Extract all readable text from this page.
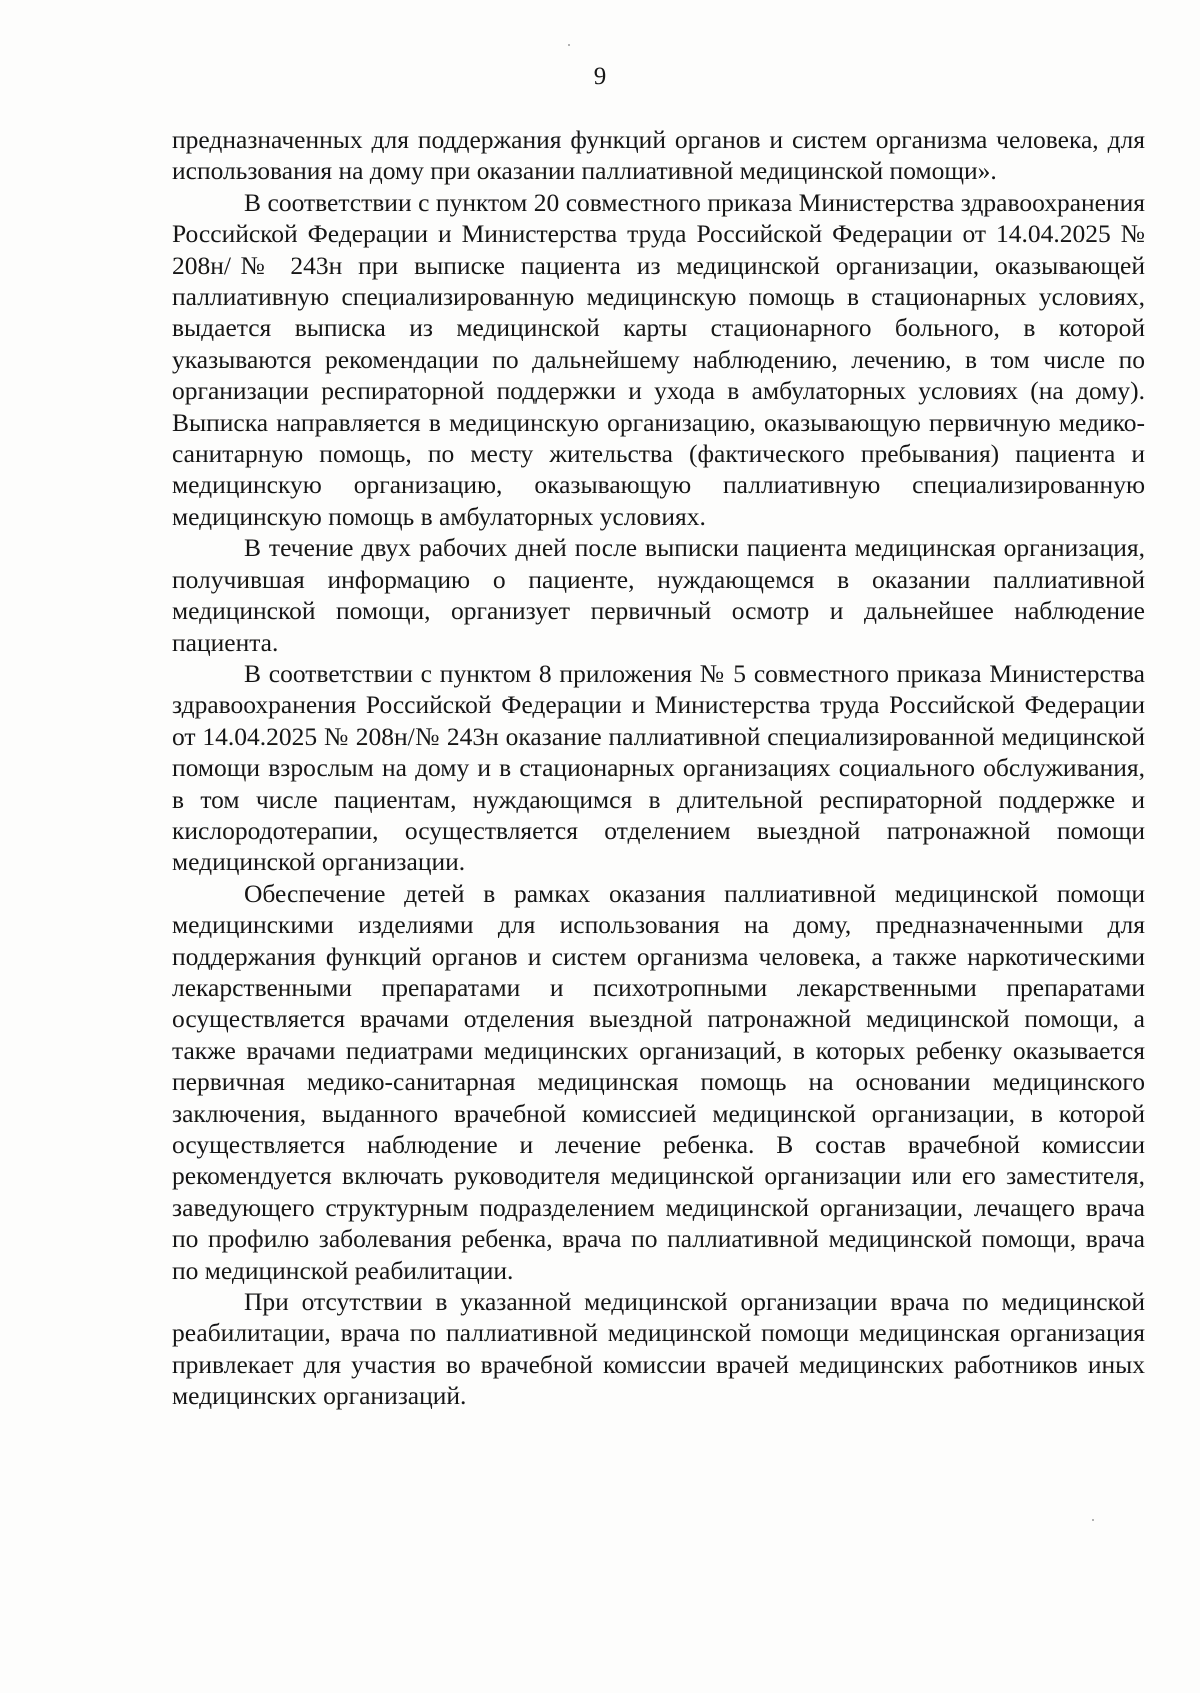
9

предназначенных для поддержания функций органов и систем организма человека, для использования на дому при оказании паллиативной медицинской помощи».

В соответствии с пунктом 20 совместного приказа Министерства здравоохранения Российской Федерации и Министерства труда Российской Федерации от 14.04.2025 № 208н/№ 243н при выписке пациента из медицинской организации, оказывающей паллиативную специализированную медицинскую помощь в стационарных условиях, выдается выписка из медицинской карты стационарного больного, в которой указываются рекомендации по дальнейшему наблюдению, лечению, в том числе по организации респираторной поддержки и ухода в амбулаторных условиях (на дому). Выписка направляется в медицинскую организацию, оказывающую первичную медико-санитарную помощь, по месту жительства (фактического пребывания) пациента и медицинскую организацию, оказывающую паллиативную специализированную медицинскую помощь в амбулаторных условиях.

В течение двух рабочих дней после выписки пациента медицинская организация, получившая информацию о пациенте, нуждающемся в оказании паллиативной медицинской помощи, организует первичный осмотр и дальнейшее наблюдение пациента.

В соответствии с пунктом 8 приложения № 5 совместного приказа Министерства здравоохранения Российской Федерации и Министерства труда Российской Федерации от 14.04.2025 № 208н/№ 243н оказание паллиативной специализированной медицинской помощи взрослым на дому и в стационарных организациях социального обслуживания, в том числе пациентам, нуждающимся в длительной респираторной поддержке и кислородотерапии, осуществляется отделением выездной патронажной помощи медицинской организации.

Обеспечение детей в рамках оказания паллиативной медицинской помощи медицинскими изделиями для использования на дому, предназначенными для поддержания функций органов и систем организма человека, а также наркотическими лекарственными препаратами и психотропными лекарственными препаратами осуществляется врачами отделения выездной патронажной медицинской помощи, а также врачами педиатрами медицинских организаций, в которых ребенку оказывается первичная медико-санитарная медицинская помощь на основании медицинского заключения, выданного врачебной комиссией медицинской организации, в которой осуществляется наблюдение и лечение ребенка. В состав врачебной комиссии рекомендуется включать руководителя медицинской организации или его заместителя, заведующего структурным подразделением медицинской организации, лечащего врача по профилю заболевания ребенка, врача по паллиативной медицинской помощи, врача по медицинской реабилитации.

При отсутствии в указанной медицинской организации врача по медицинской реабилитации, врача по паллиативной медицинской помощи медицинская организация привлекает для участия во врачебной комиссии врачей медицинских работников иных медицинских организаций.
